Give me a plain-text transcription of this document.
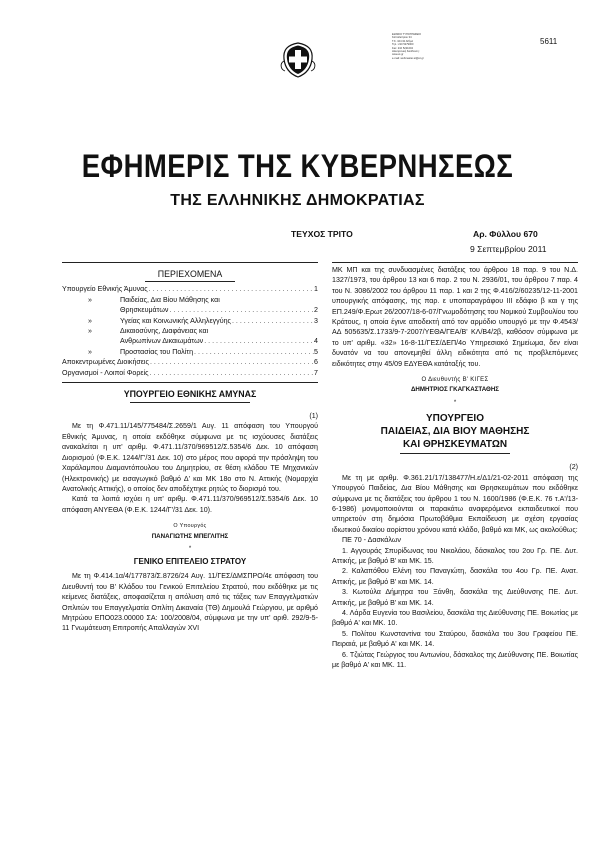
ΕΘΝΙΚΟ ΤΥΠΟΓΡΑΦΕΙΟ
Καποδιστρίου 34
Τ.Κ. 104 32 Αθήνα
Τηλ.: 210 5279000
Fax: 210 5221004
Ηλεκτρονική διεύθυνση:
www.et.gr
e-mail: webmaster.et@et.gr
5611
ΕΦΗΜΕΡΙΣ ΤΗΣ ΚΥΒΕΡΝΗΣΕΩΣ
ΤΗΣ ΕΛΛΗΝΙΚΗΣ ΔΗΜΟΚΡΑΤΙΑΣ
ΤΕΥΧΟΣ ΤΡΙΤΟ	Αρ. Φύλλου 670
9 Σεπτεμβρίου 2011
ΠΕΡΙΕΧΟΜΕΝΑ
Υπουργείο Εθνικής Άμυνας . . .	1
»	Παιδείας, Δια Βίου Μάθησης και
Θρησκευμάτων . . .	2
»	Υγείας και Κοινωνικής Αλληλεγγύης . . .	3
»	Δικαιοσύνης, Διαφάνειας και
Ανθρωπίνων Δικαιωμάτων . . .	4
»	Προστασίας του Πολίτη . . .	5
Αποκεντρωμένες Διοικήσεις . . .	6
Οργανισμοί - Λοιποί Φορείς . . .	7
ΥΠΟΥΡΓΕΙΟ ΕΘΝΙΚΗΣ ΑΜΥΝΑΣ
(1)
Με τη Φ.471.11/145/775484/Σ.2659/1 Αυγ. 11 απόφαση του Υπουργού Εθνικής Άμυνας, η οποία εκδόθηκε σύμφωνα με τις ισχύουσες διατάξεις ανακαλείται η υπ' αριθμ. Φ.471.11/370/969512/Σ.5354/6 Δεκ. 10 απόφαση Διορισμού (Φ.Ε.Κ. 1244/Γ'/31 Δεκ. 10) στο μέρος που αφορά την πρόσληψη του Χαράλαμπου Διαμαντόπουλου του Δημητρίου, σε θέση κλάδου ΤΕ Μηχανικών (Ηλεκτρονικής) με εισαγωγικό βαθμό Δ' και ΜΚ 18ο στο Ν. Αττικής (Νομαρχία Ανατολικής Αττικής), ο οποίος δεν αποδέχτηκε ρητώς το διορισμό του.
Κατά τα λοιπά ισχύει η υπ' αριθμ. Φ.471.11/370/969512/Σ.5354/6 Δεκ. 10 απόφαση ΑΝΥΕΘΑ (Φ.Ε.Κ. 1244/Γ'/31 Δεκ. 10).
Ο Υπουργός
ΠΑΝΑΓΙΩΤΗΣ ΜΠΕΓΛΙΤΗΣ
*
ΓΕΝΙΚΟ ΕΠΙΤΕΛΕΙΟ ΣΤΡΑΤΟΥ
Με τη Φ.414.1α/4/177873/Σ.8726/24 Αυγ. 11/ΓΕΣ/ΔΜΣΠΡΟ/4ε απόφαση του Διευθυντή του Β' Κλάδου του Γενικού Επιτελείου Στρατού, που εκδόθηκε με τις κείμενες διατάξεις, αποφασίζεται η απόλυση από τις τάξεις των Επαγγελματιών Οπλιτών του Επαγγελματία Οπλίτη Δικαναία (ΤΘ) Δημουλά Γεώργιου, με αριθμό Μητρώου ΕΠΟ023.00000 ΣΑ: 100/2008/04, σύμφωνα με την υπ' αριθ. 292/9-5-11 Γνωμάτευση Επιτροπής Απαλλαγών ΧVΙ
ΜΚ ΜΠ και της συνδυασμένες διατάξεις του άρθρου 18 παρ. 9 του Ν.Δ. 1327/1973, του άρθρου 13 και 6 παρ. 2 του Ν. 2936/01, του άρθρου 7 παρ. 4 του Ν. 3086/2002 του άρθρου 11 παρ. 1 και 2 της Φ.416/2/60235/12-11-2001 υπουργικής απόφασης, της παρ. ε υποπαραγράφου III εδάφιο β και γ της ΕΠ.249/Φ.Ερωτ 26/2007/18-6-07/Γνωμοδότησης του Νομικού Συμβουλίου του Κράτους, η οποία έγινε αποδεκτή από τον αρμόδιο υπουργό με την Φ.4543/ΑΔ 505635/Σ.1733/9-7-2007/ΥΕΘΑ/ΓΕΑ/Β' ΚΛ/Β4/2β, καθόσον σύμφωνα με το υπ' αριθμ. «32» 16-8-11/ΓΕΣ/ΔΕΠ/4ο Υπηρεσιακό Σημείωμα, δεν είναι δυνατόν να του απονεμηθεί άλλη ειδικότητα από τις προβλεπόμενες ειδικότητες στην 45/09 ΕΔΥΕΘΑ κατάταξής του.
Ο Διευθυντής Β' ΚΙΓΕΣ
ΔΗΜΗΤΡΙΟΣ ΓΚΑΓΚΑΣΤΑΘΗΣ
*
ΥΠΟΥΡΓΕΙΟ
ΠΑΙΔΕΙΑΣ, ΔΙΑ ΒΙΟΥ ΜΑΘΗΣΗΣ
ΚΑΙ ΘΡΗΣΚΕΥΜΑΤΩΝ
(2)
Με τη με αριθμ. Φ.361.21/17/138477/Η.ε/Δ1/21-02-2011 απόφαση της Υπουργού Παιδείας, Δια Βίου Μάθησης και Θρησκευμάτων που εκδόθηκε σύμφωνα με τις διατάξεις του άρθρου 1 του Ν. 1600/1986 (Φ.Ε.Κ. 76 τ.Α'/13-6-1986) μονιμοποιούνται οι παρακάτω αναφερόμενοι εκπαιδευτικοί που υπηρετούν στη δημόσια Πρωτοβάθμια Εκπαίδευση με σχέση εργασίας ιδιωτικού δικαίου αορίστου χρόνου κατά κλάδο, βαθμό και ΜΚ, ως ακολούθως:
ΠΕ 70 - Δασκάλων
1. Αγγουράς Σπυρίδωνας του Νικολάου, δάσκαλος του 2ου Γρ. ΠΕ. Δυτ. Αττικής, με βαθμό Β' και ΜΚ. 15.
2. Καλαπόθου Ελένη του Παναγιώτη, δασκάλα του 4ου Γρ. ΠΕ. Ανατ. Αττικής, με βαθμό Β' και ΜΚ. 14.
3. Κωτούλα Δήμητρα του Ξάνθη, δασκάλα της Διεύθυνσης ΠΕ. Δυτ. Αττικής, με βαθμό Β' και ΜΚ. 14.
4. Λάρδα Ευγενία του Βασιλείου, δασκάλα της Διεύθυνσης ΠΕ. Βοιωτίας με βαθμό Α' και ΜΚ. 10.
5. Πολίτου Κωνσταντίνα του Σταύρου, δασκάλα του 3ου Γραφείου ΠΕ. Πειραιά, με βαθμό Α' και ΜΚ. 14.
6. Τζιώτας Γεώργιος του Αντωνίου, δάσκαλος της Διεύθυνσης ΠΕ. Βοιωτίας με βαθμό Α' και ΜΚ. 11.
